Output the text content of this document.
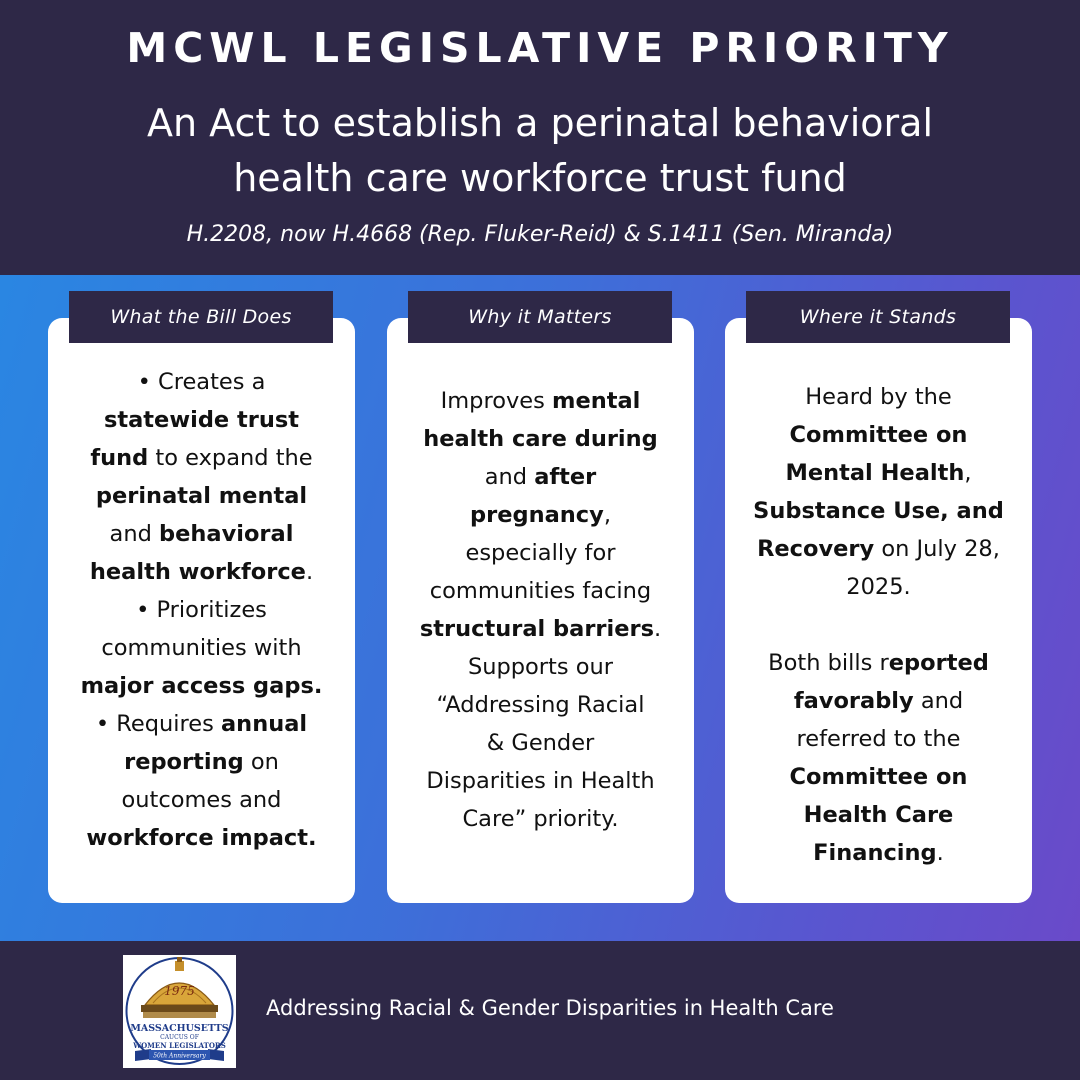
MCWL LEGISLATIVE PRIORITY
An Act to establish a perinatal behavioral
health care workforce trust fund
H.2208, now H.4668 (Rep. Fluker-Reid) & S.1411 (Sen. Miranda)
What the Bill Does
• Creates a
statewide trust
fund to expand the
perinatal mental
and behavioral
health workforce.
• Prioritizes
communities with
major access gaps.
• Requires annual
reporting on
outcomes and
workforce impact.
Why it Matters
Improves mental
health care during
and after
pregnancy,
especially for
communities facing
structural barriers.
Supports our
“Addressing Racial
& Gender
Disparities in Health
Care” priority.
Where it Stands
Heard by the
Committee on
Mental Health,
Substance Use, and
Recovery on July 28,
2025.
Both bills reported
favorably and
referred to the
Committee on
Health Care
Financing.
1975
MASSACHUSETTS
CAUCUS OF
WOMEN LEGISLATORS
50th Anniversary
Addressing Racial & Gender Disparities in Health Care
